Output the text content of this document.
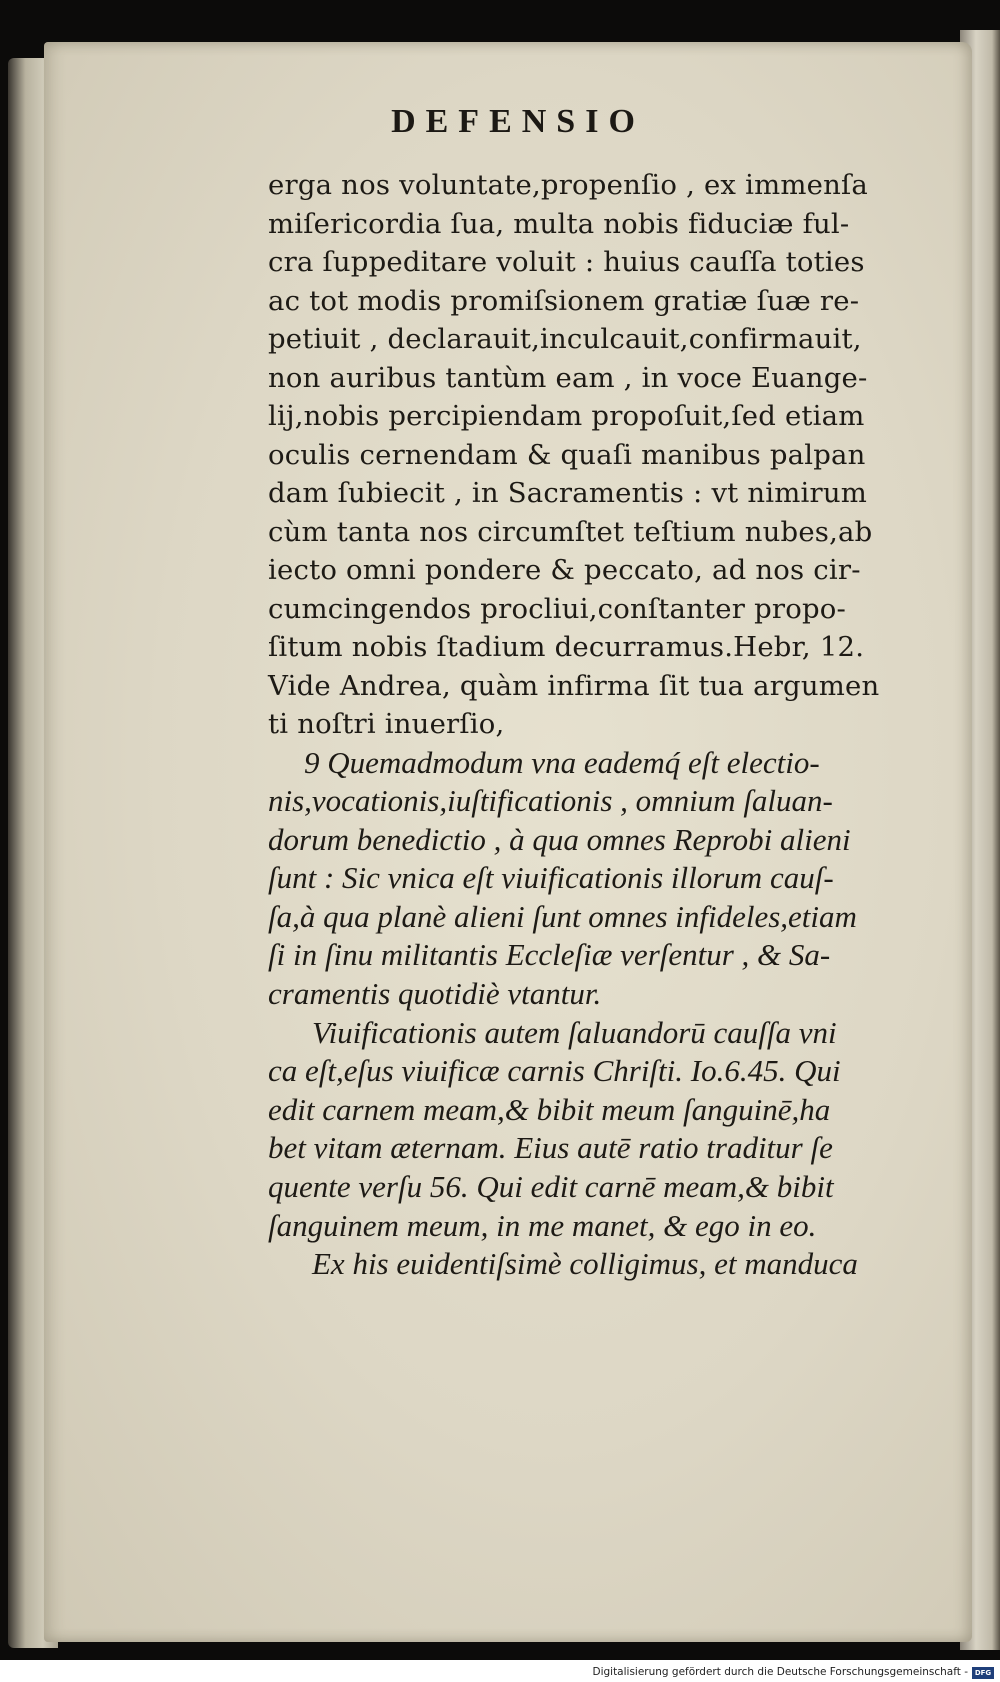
DEFENSIO
erga nos voluntate,propenſio , ex immenſa
miſericordia ſua, multa nobis fiduciæ ful-
cra ſuppeditare voluit : huius cauſſa toties
ac tot modis promiſsionem gratiæ ſuæ re-
petiuit , declarauit,inculcauit,confirmauit,
non auribus tantùm eam , in voce Euange-
lij,nobis percipiendam propoſuit,ſed etiam
oculis cernendam & quaſi manibus palpan
dam ſubiecit , in Sacramentis : vt nimirum
cùm tanta nos circumſtet teſtium nubes,ab
iecto omni pondere & peccato, ad nos cir-
cumcingendos procliui,conſtanter propo-
ſitum nobis ſtadium decurramus.Hebr, 12.
Vide Andrea, quàm infirma ſit tua argumen
ti noſtri inuerſio,
9 Quemadmodum vna eademq́ eſt electio-
nis,vocationis,iuſtificationis , omnium ſaluan-
dorum benedictio , à qua omnes Reprobi alieni
ſunt : Sic vnica eſt viuificationis illorum cauſ-
ſa,à qua planè alieni ſunt omnes infideles,etiam
ſi in ſinu militantis Eccleſiæ verſentur , & Sa-
cramentis quotidiè vtantur.
Viuificationis autem ſaluandorū cauſſa vni
ca eſt,eſus viuificæ carnis Chriſti. Io.6.45. Qui
edit carnem meam,& bibit meum ſanguinē,ha
bet vitam æternam. Eius autē ratio traditur ſe
quente verſu 56. Qui edit carnē meam,& bibit
ſanguinem meum, in me manet, & ego in eo.
Ex his euidentiſsimè colligimus, et manduca
Digitalisierung gefördert durch die Deutsche Forschungsgemeinschaft - DFG
